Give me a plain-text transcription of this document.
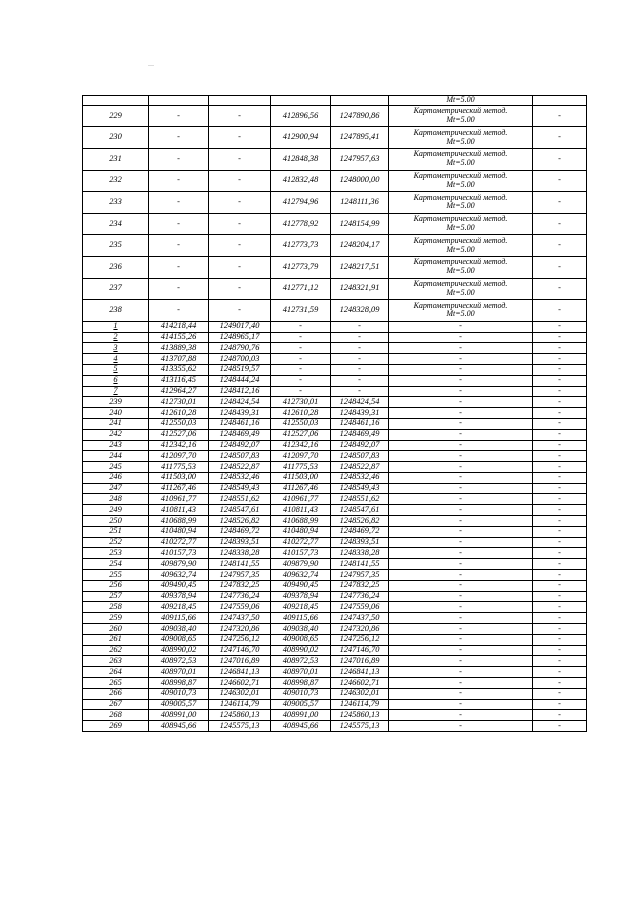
					Mt=5.00	
229	-	-	412896,56	1247890,86	Картометрический метод.
Mt=5.00	-
230	-	-	412900,94	1247895,41	Картометрический метод.
Mt=5.00	-
231	-	-	412848,38	1247957,63	Картометрический метод.
Mt=5.00	-
232	-	-	412832,48	1248000,00	Картометрический метод.
Mt=5.00	-
233	-	-	412794,96	1248111,36	Картометрический метод.
Mt=5.00	-
234	-	-	412778,92	1248154,99	Картометрический метод.
Mt=5.00	-
235	-	-	412773,73	1248204,17	Картометрический метод.
Mt=5.00	-
236	-	-	412773,79	1248217,51	Картометрический метод.
Mt=5.00	-
237	-	-	412771,12	1248321,91	Картометрический метод.
Mt=5.00	-
238	-	-	412731,59	1248328,09	Картометрический метод.
Mt=5.00	-
1	414218,44	1249017,40	-	-	-	-
2	414155,26	1248965,17	-	-	-	-
3	413889,38	1248790,76	-	-	-	-
4	413707,88	1248700,03	-	-	-	-
5	413355,62	1248519,57	-	-	-	-
6	413116,45	1248444,24	-	-	-	-
7	412964,27	1248412,16	-	-	-	-
239	412730,01	1248424,54	412730,01	1248424,54	-	-
240	412610,28	1248439,31	412610,28	1248439,31	-	-
241	412550,03	1248461,16	412550,03	1248461,16	-	-
242	412527,06	1248469,49	412527,06	1248469,49	-	-
243	412342,16	1248492,07	412342,16	1248492,07	-	-
244	412097,70	1248507,83	412097,70	1248507,83	-	-
245	411775,53	1248522,87	411775,53	1248522,87	-	-
246	411503,00	1248532,46	411503,00	1248532,46	-	-
247	411267,46	1248549,43	411267,46	1248549,43	-	-
248	410961,77	1248551,62	410961,77	1248551,62	-	-
249	410811,43	1248547,61	410811,43	1248547,61	-	-
250	410688,99	1248526,82	410688,99	1248526,82	-	-
251	410480,94	1248469,72	410480,94	1248469,72	-	-
252	410272,77	1248393,51	410272,77	1248393,51	-	-
253	410157,73	1248338,28	410157,73	1248338,28	-	-
254	409879,90	1248141,55	409879,90	1248141,55	-	-
255	409632,74	1247957,35	409632,74	1247957,35	-	-
256	409490,45	1247832,25	409490,45	1247832,25	-	-
257	409378,94	1247736,24	409378,94	1247736,24	-	-
258	409218,45	1247559,06	409218,45	1247559,06	-	-
259	409115,66	1247437,50	409115,66	1247437,50	-	-
260	409038,40	1247320,86	409038,40	1247320,86	-	-
261	409008,65	1247256,12	409008,65	1247256,12	-	-
262	408990,02	1247146,70	408990,02	1247146,70	-	-
263	408972,53	1247016,89	408972,53	1247016,89	-	-
264	408970,01	1246841,13	408970,01	1246841,13	-	-
265	408998,87	1246602,71	408998,87	1246602,71	-	-
266	409010,73	1246302,01	409010,73	1246302,01	-	-
267	409005,57	1246114,79	409005,57	1246114,79	-	-
268	408991,00	1245860,13	408991,00	1245860,13	-	-
269	408945,66	1245575,13	408945,66	1245575,13	-	-
